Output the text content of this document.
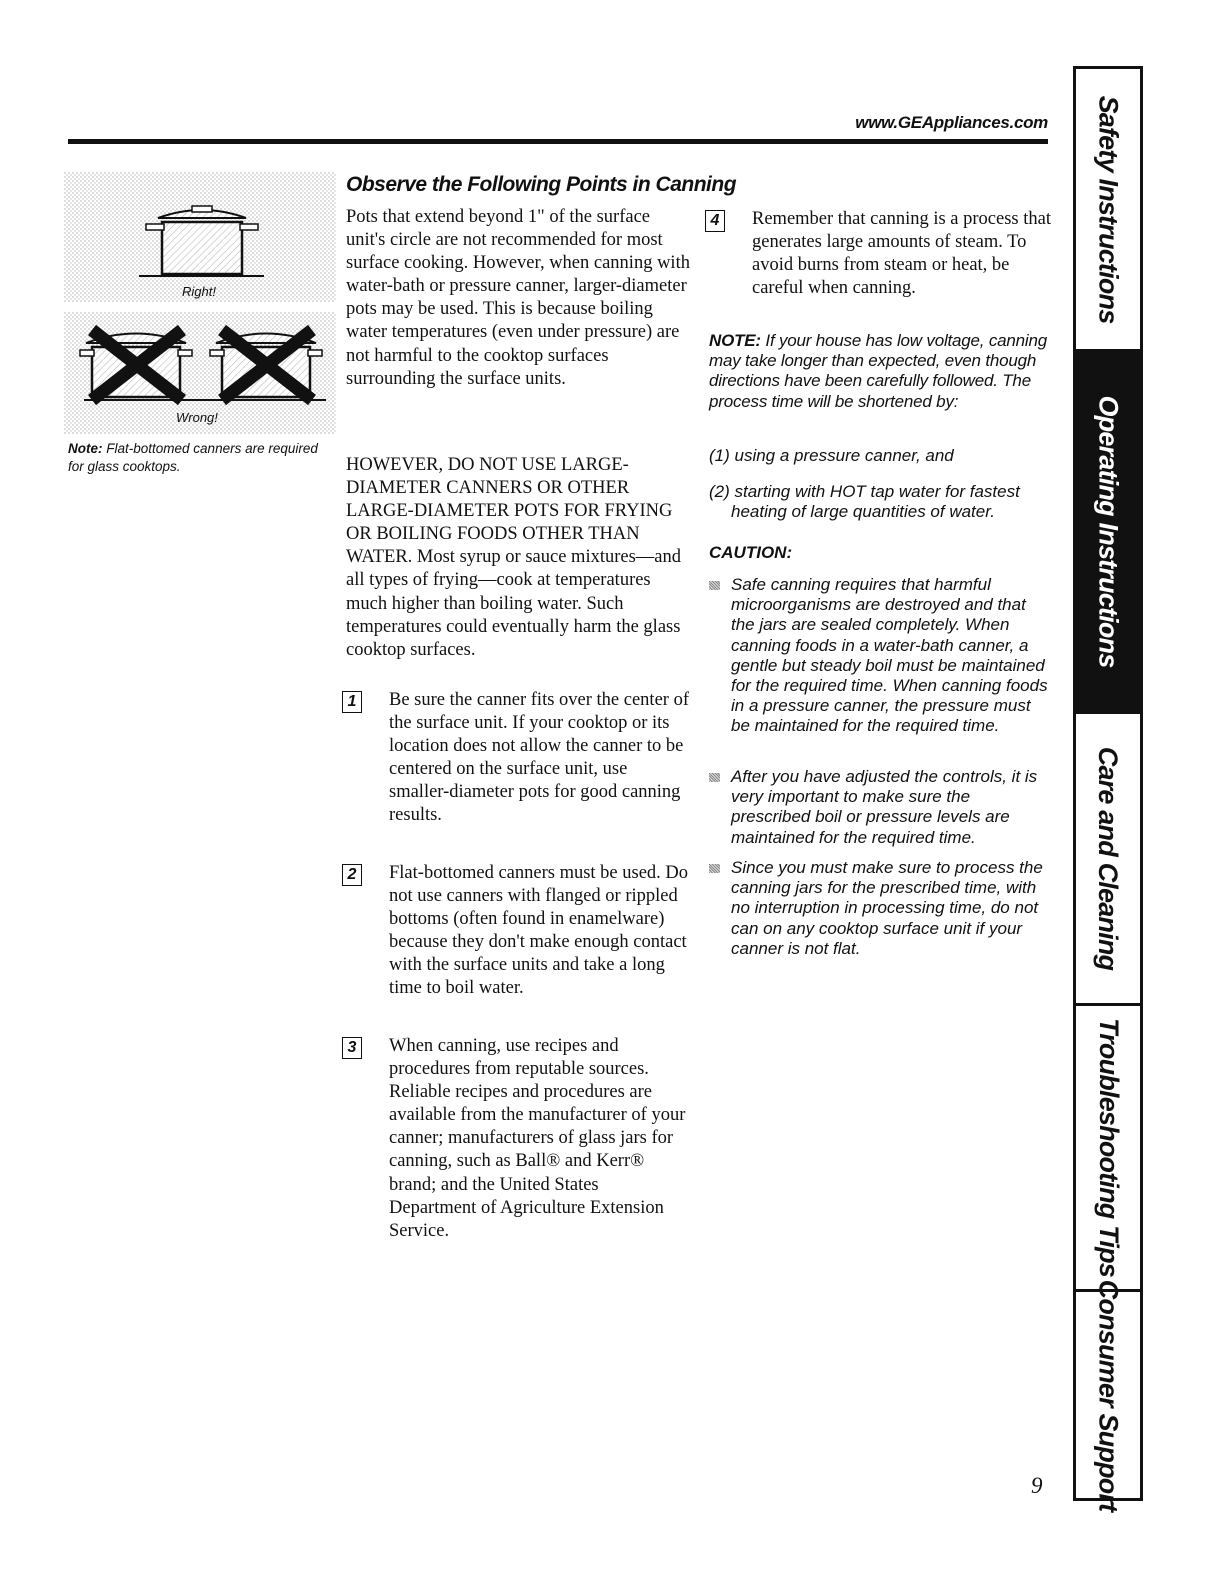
www.GEAppliances.com
Right!
Wrong!
Note: Flat-bottomed canners are required for glass cooktops.
Observe the Following Points in Canning
Pots that extend beyond 1" of the surface unit's circle are not recommended for most surface cooking. However, when canning with water-bath or pressure canner, larger-diameter pots may be used. This is because boiling water temperatures (even under pressure) are not harmful to the cooktop surfaces surrounding the surface units.
HOWEVER, DO NOT USE LARGE-DIAMETER CANNERS OR OTHER LARGE-DIAMETER POTS FOR FRYING OR BOILING FOODS OTHER THAN WATER. Most syrup or sauce mixtures—and all types of frying—cook at temperatures much higher than boiling water. Such temperatures could eventually harm the glass cooktop surfaces.
1 Be sure the canner fits over the center of the surface unit. If your cooktop or its location does not allow the canner to be centered on the surface unit, use smaller-diameter pots for good canning results.
2 Flat-bottomed canners must be used. Do not use canners with flanged or rippled bottoms (often found in enamelware) because they don't make enough contact with the surface units and take a long time to boil water.
3 When canning, use recipes and procedures from reputable sources. Reliable recipes and procedures are available from the manufacturer of your canner; manufacturers of glass jars for canning, such as Ball® and Kerr® brand; and the United States Department of Agriculture Extension Service.
4 Remember that canning is a process that generates large amounts of steam. To avoid burns from steam or heat, be careful when canning.
NOTE: If your house has low voltage, canning may take longer than expected, even though directions have been carefully followed. The process time will be shortened by:
(1) using a pressure canner, and
(2) starting with HOT tap water for fastest heating of large quantities of water.
CAUTION:
Safe canning requires that harmful microorganisms are destroyed and that the jars are sealed completely. When canning foods in a water-bath canner, a gentle but steady boil must be maintained for the required time. When canning foods in a pressure canner, the pressure must be maintained for the required time.
After you have adjusted the controls, it is very important to make sure the prescribed boil or pressure levels are maintained for the required time.
Since you must make sure to process the canning jars for the prescribed time, with no interruption in processing time, do not can on any cooktop surface unit if your canner is not flat.
Safety Instructions
Operating Instructions
Care and Cleaning
Troubleshooting Tips
Consumer Support
9
